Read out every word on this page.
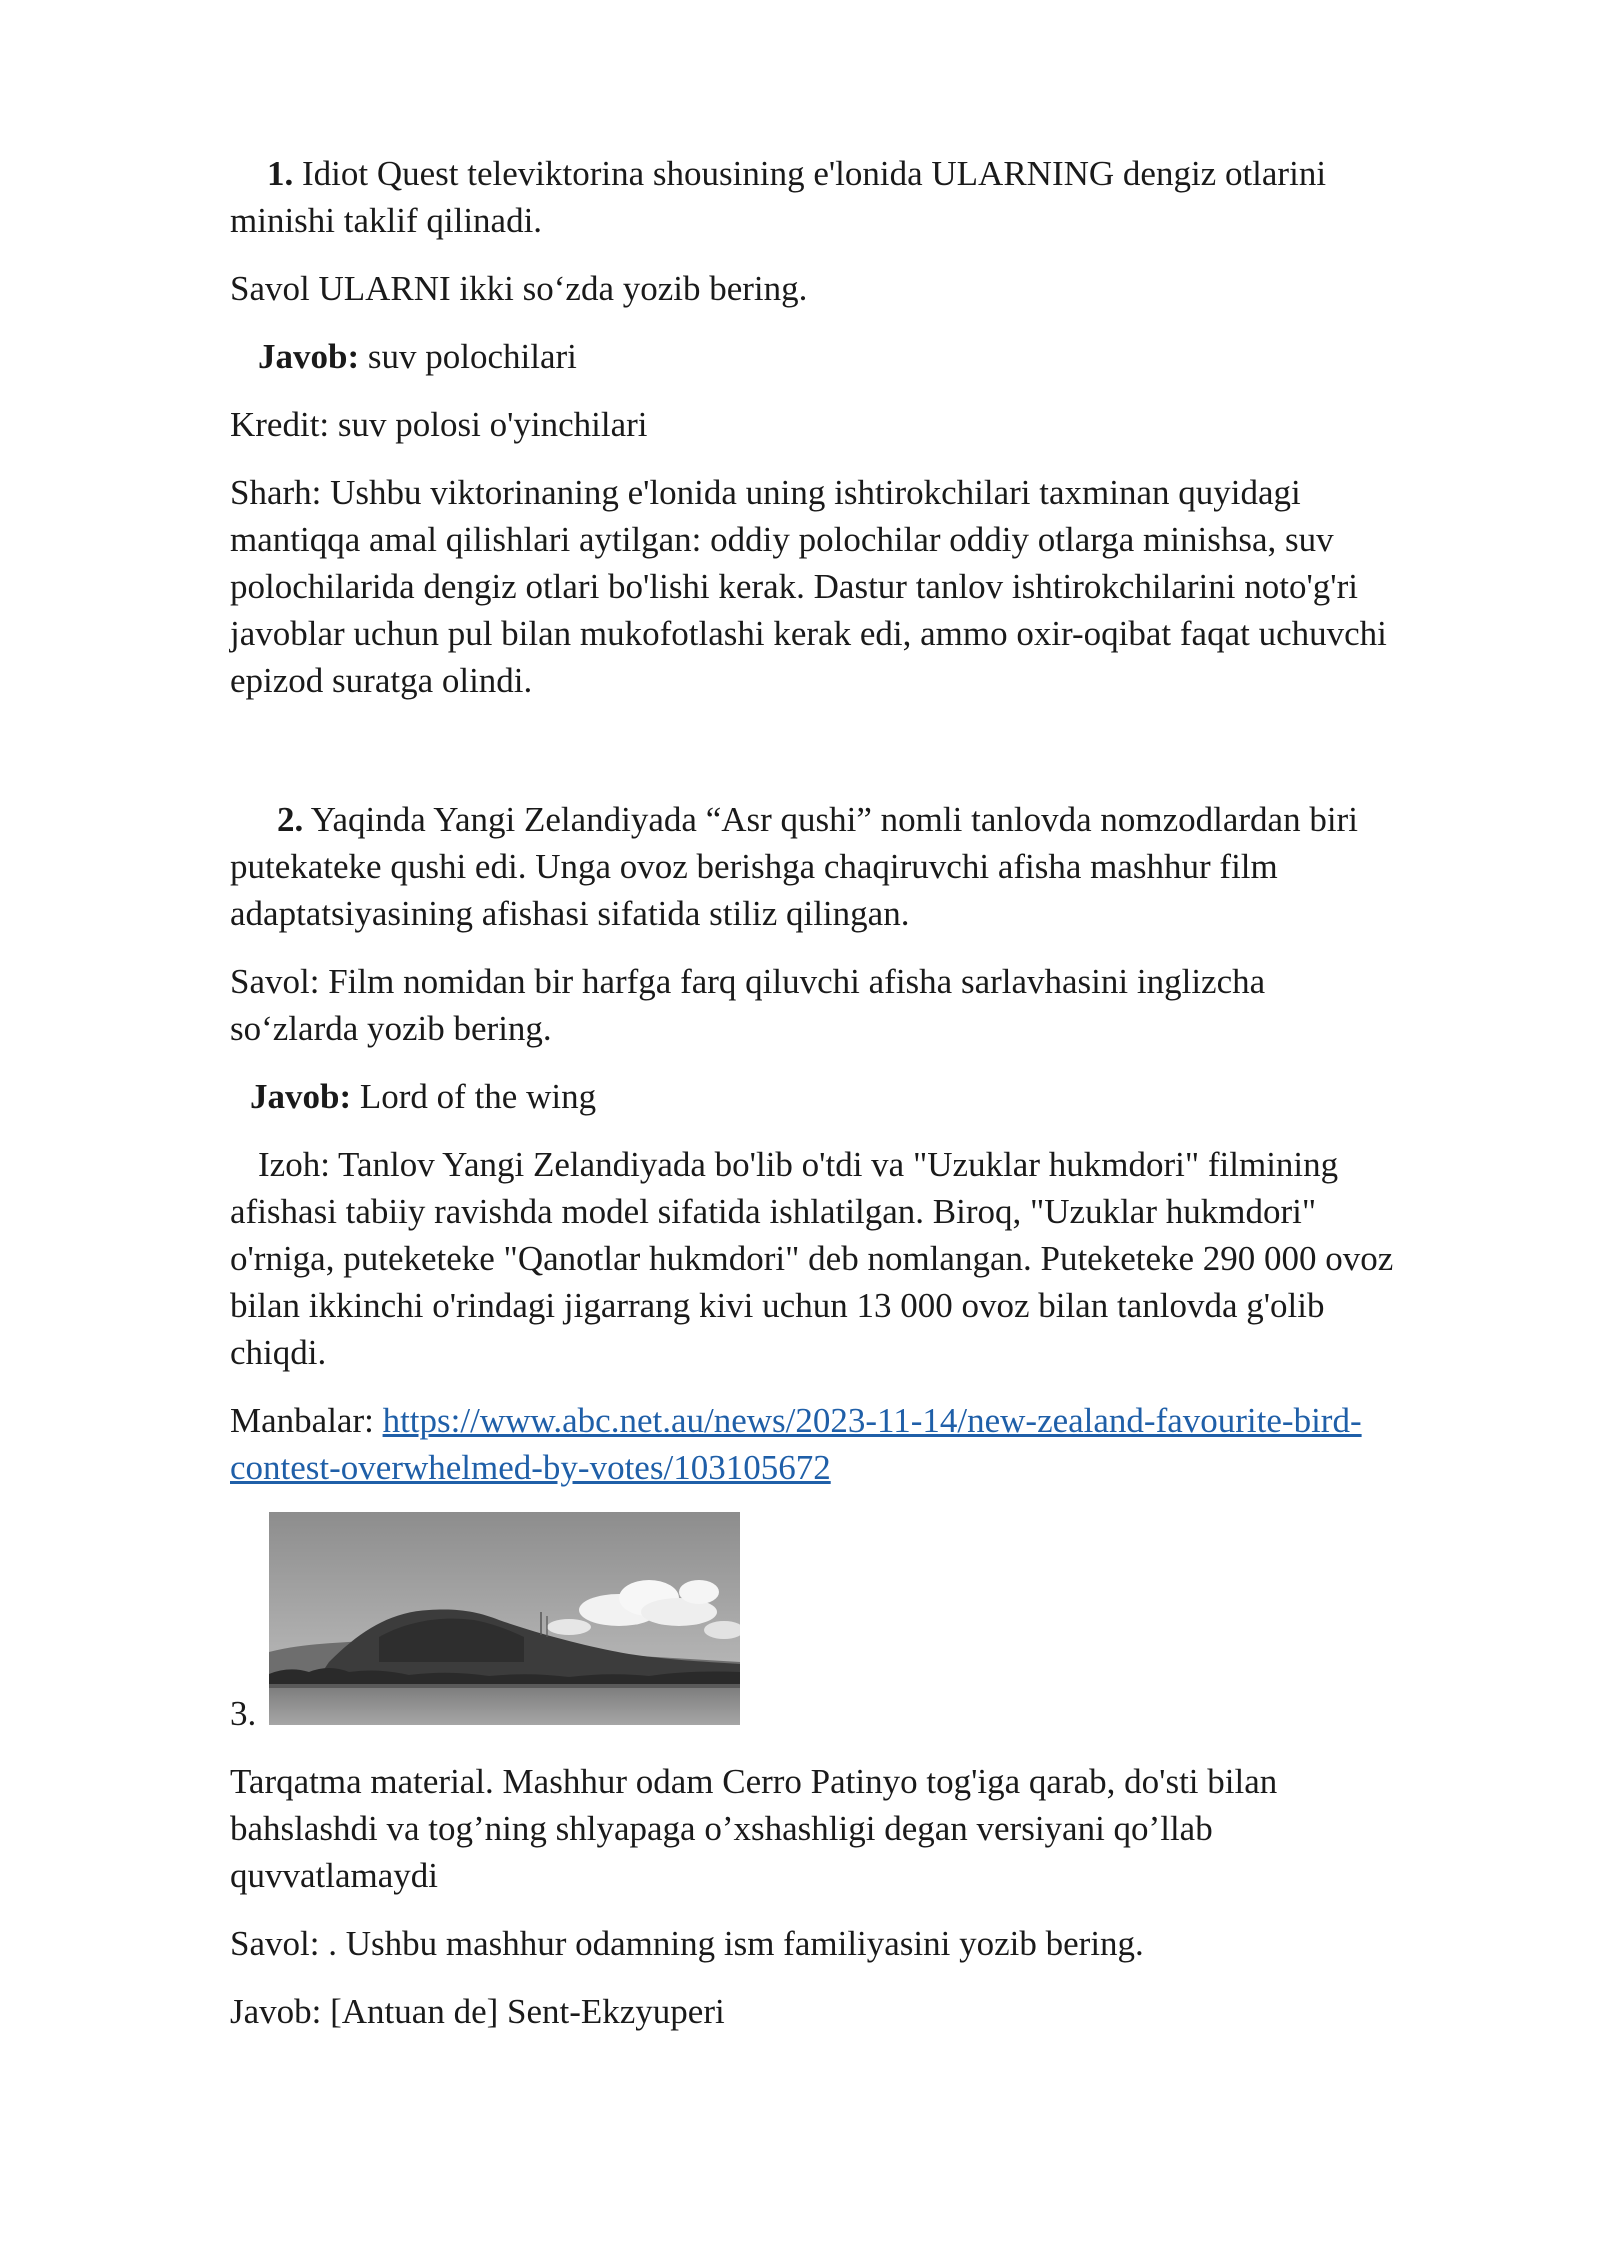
1. Idiot Quest televiktorina shousining e'lonida ULARNING dengiz otlarini

minishi taklif qilinadi.

Savol ULARNI ikki so‘zda yozib bering.

Javob: suv polochilari

Kredit: suv polosi o'yinchilari

Sharh: Ushbu viktorinaning e'lonida uning ishtirokchilari taxminan quyidagi

mantiqqa amal qilishlari aytilgan: oddiy polochilar oddiy otlarga minishsa, suv

polochilarida dengiz otlari bo'lishi kerak. Dastur tanlov ishtirokchilarini noto'g'ri

javoblar uchun pul bilan mukofotlashi kerak edi, ammo oxir-oqibat faqat uchuvchi

epizod suratga olindi.

2. Yaqinda Yangi Zelandiyada “Asr qushi” nomli tanlovda nomzodlardan biri

putekateke qushi edi. Unga ovoz berishga chaqiruvchi afisha mashhur film

adaptatsiyasining afishasi sifatida stiliz qilingan.

Savol: Film nomidan bir harfga farq qiluvchi afisha sarlavhasini inglizcha

so‘zlarda yozib bering.

Javob: Lord of the wing

Izoh: Tanlov Yangi Zelandiyada bo'lib o'tdi va "Uzuklar hukmdori" filmining

afishasi tabiiy ravishda model sifatida ishlatilgan. Biroq, "Uzuklar hukmdori"

o'rniga, puteketeke "Qanotlar hukmdori" deb nomlangan. Puteketeke 290 000 ovoz

bilan ikkinchi o'rindagi jigarrang kivi uchun 13 000 ovoz bilan tanlovda g'olib

chiqdi.

Manbalar: https://www.abc.net.au/news/2023-11-14/new-zealand-favourite-bird-

contest-overwhelmed-by-votes/103105672

3.

Tarqatma material. Mashhur odam Cerro Patinyo tog'iga qarab, do'sti bilan

bahslashdi va tog’ning shlyapaga o’xshashligi degan versiyani qo’llab

quvvatlamaydi

Savol: . Ushbu mashhur odamning ism familiyasini yozib bering.

Javob: [Antuan de] Sent-Ekzyuperi
